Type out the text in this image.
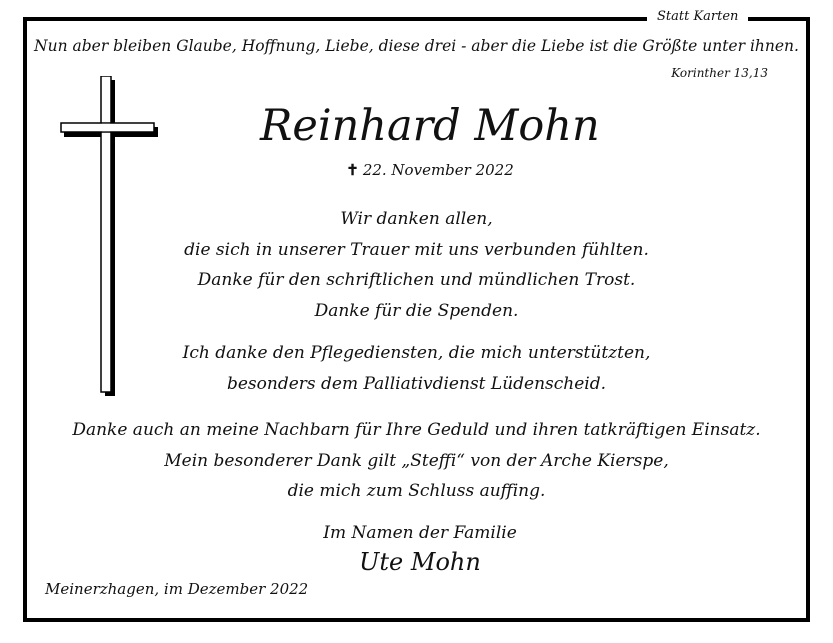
Statt Karten
Nun aber bleiben Glaube, Hoffnung, Liebe, diese drei - aber die Liebe ist die Größte unter ihnen.
Korinther 13,13
Reinhard Mohn
✝ 22. November 2022
Wir danken allen,
die sich in unserer Trauer mit uns verbunden fühlten.
Danke für den schriftlichen und mündlichen Trost.
Danke für die Spenden.
Ich danke den Pflegediensten, die mich unterstützten,
besonders dem Palliativdienst Lüdenscheid.
Danke auch an meine Nachbarn für Ihre Geduld und ihren tatkräftigen Einsatz.
Mein besonderer Dank gilt „Steffi“ von der Arche Kierspe,
die mich zum Schluss auffing.
Im Namen der Familie
Ute Mohn
Meinerzhagen, im Dezember 2022
